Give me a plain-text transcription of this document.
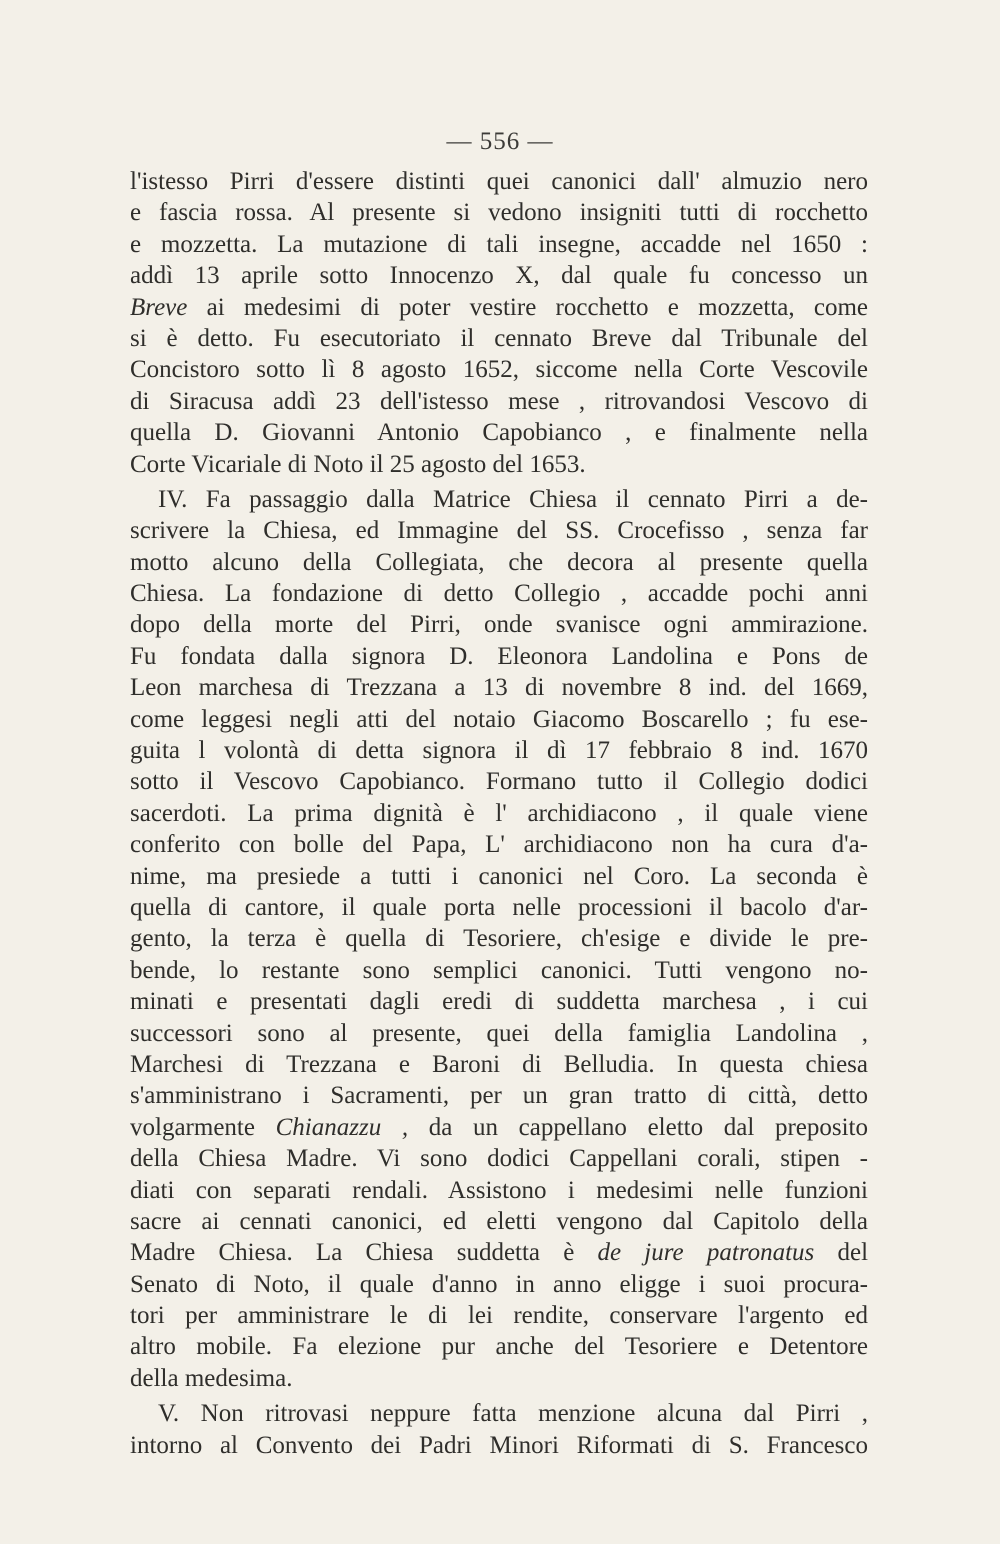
— 556 —
l'istesso Pirri d'essere distinti quei canonici dall' almuzio nero
e fascia rossa. Al presente si vedono insigniti tutti di rocchetto
e mozzetta. La mutazione di tali insegne, accadde nel 1650 :
addì 13 aprile sotto Innocenzo X, dal quale fu concesso un
Breve ai medesimi di poter vestire rocchetto e mozzetta, come
si è detto. Fu esecutoriato il cennato Breve dal Tribunale del
Concistoro sotto lì 8 agosto 1652, siccome nella Corte Vescovile
di Siracusa addì 23 dell'istesso mese , ritrovandosi Vescovo di
quella D. Giovanni Antonio Capobianco , e finalmente nella
Corte Vicariale di Noto il 25 agosto del 1653.
IV. Fa passaggio dalla Matrice Chiesa il cennato Pirri a de-
scrivere la Chiesa, ed Immagine del SS. Crocefisso , senza far
motto alcuno della Collegiata, che decora al presente quella
Chiesa. La fondazione di detto Collegio , accadde pochi anni
dopo della morte del Pirri, onde svanisce ogni ammirazione.
Fu fondata dalla signora D. Eleonora Landolina e Pons de
Leon marchesa di Trezzana a 13 di novembre 8 ind. del 1669,
come leggesi negli atti del notaio Giacomo Boscarello ; fu ese-
guita l volontà di detta signora il dì 17 febbraio 8 ind. 1670
sotto il Vescovo Capobianco. Formano tutto il Collegio dodici
sacerdoti. La prima dignità è l' archidiacono , il quale viene
conferito con bolle del Papa, L' archidiacono non ha cura d'a-
nime, ma presiede a tutti i canonici nel Coro. La seconda è
quella di cantore, il quale porta nelle processioni il bacolo d'ar-
gento, la terza è quella di Tesoriere, ch'esige e divide le pre-
bende, lo restante sono semplici canonici. Tutti vengono no-
minati e presentati dagli eredi di suddetta marchesa , i cui
successori sono al presente, quei della famiglia Landolina ,
Marchesi di Trezzana e Baroni di Belludia. In questa chiesa
s'amministrano i Sacramenti, per un gran tratto di città, detto
volgarmente Chianazzu , da un cappellano eletto dal preposito
della Chiesa Madre. Vi sono dodici Cappellani corali, stipen -
diati con separati rendali. Assistono i medesimi nelle funzioni
sacre ai cennati canonici, ed eletti vengono dal Capitolo della
Madre Chiesa. La Chiesa suddetta è de jure patronatus del
Senato di Noto, il quale d'anno in anno eligge i suoi procura-
tori per amministrare le di lei rendite, conservare l'argento ed
altro mobile. Fa elezione pur anche del Tesoriere e Detentore
della medesima.
V. Non ritrovasi neppure fatta menzione alcuna dal Pirri ,
intorno al Convento dei Padri Minori Riformati di S. Francesco
